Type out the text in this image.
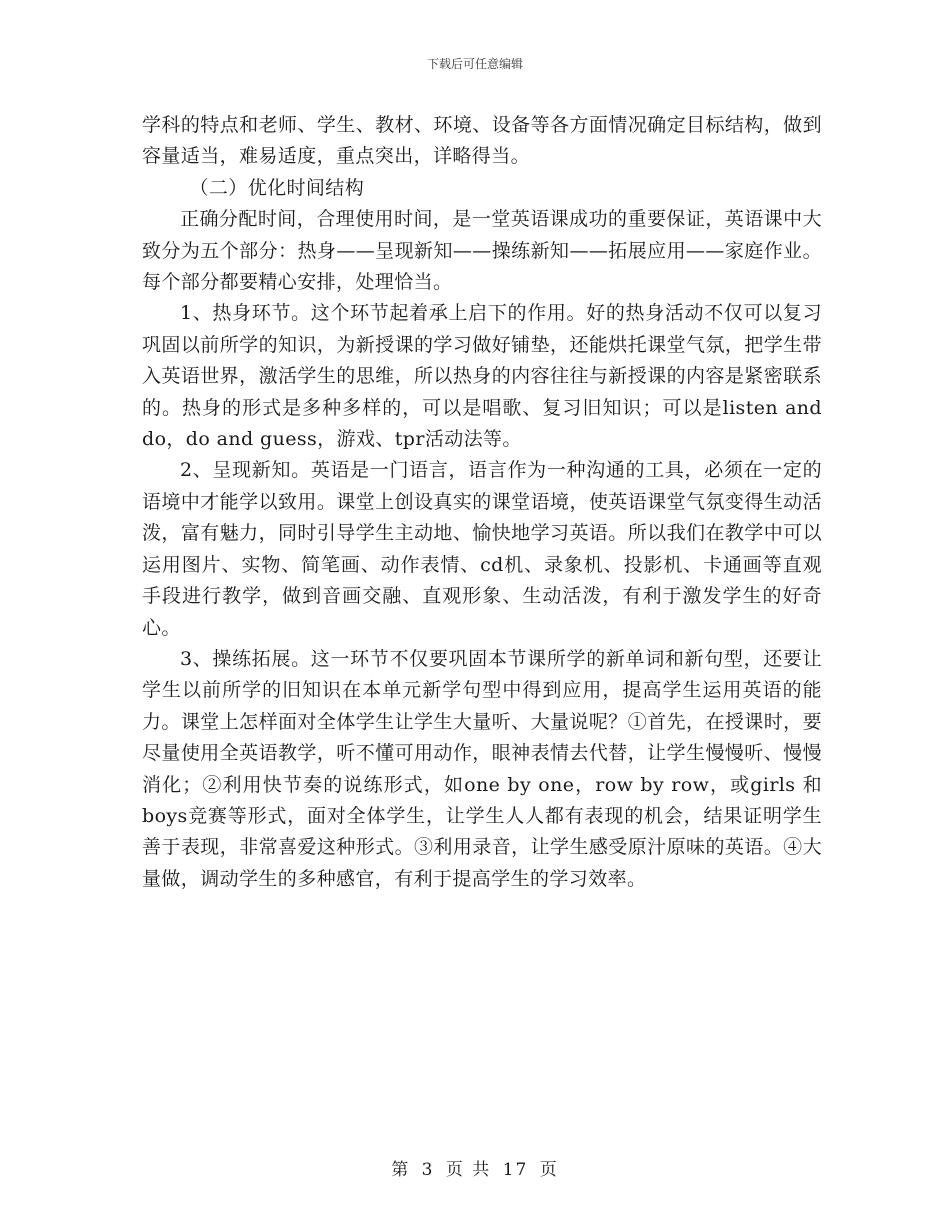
下载后可任意编辑

学科的特点和老师、学生、教材、环境、设备等各方面情况确定目标结构，做到容量适当，难易适度，重点突出，详略得当。

（二）优化时间结构

正确分配时间，合理使用时间，是一堂英语课成功的重要保证，英语课中大致分为五个部分：热身——呈现新知——操练新知——拓展应用——家庭作业。每个部分都要精心安排，处理恰当。

1、热身环节。这个环节起着承上启下的作用。好的热身活动不仅可以复习巩固以前所学的知识，为新授课的学习做好铺垫，还能烘托课堂气氛，把学生带入英语世界，激活学生的思维，所以热身的内容往往与新授课的内容是紧密联系的。热身的形式是多种多样的，可以是唱歌、复习旧知识；可以是listen and do，do and guess，游戏、tpr活动法等。

2、呈现新知。英语是一门语言，语言作为一种沟通的工具，必须在一定的语境中才能学以致用。课堂上创设真实的课堂语境，使英语课堂气氛变得生动活泼，富有魅力，同时引导学生主动地、愉快地学习英语。所以我们在教学中可以运用图片、实物、简笔画、动作表情、cd机、录象机、投影机、卡通画等直观手段进行教学，做到音画交融、直观形象、生动活泼，有利于激发学生的好奇心。

3、操练拓展。这一环节不仅要巩固本节课所学的新单词和新句型，还要让学生以前所学的旧知识在本单元新学句型中得到应用，提高学生运用英语的能力。课堂上怎样面对全体学生让学生大量听、大量说呢？①首先，在授课时，要尽量使用全英语教学，听不懂可用动作，眼神表情去代替，让学生慢慢听、慢慢消化；②利用快节奏的说练形式，如one by one，row by row，或girls 和boys竞赛等形式，面对全体学生，让学生人人都有表现的机会，结果证明学生善于表现，非常喜爱这种形式。③利用录音，让学生感受原汁原味的英语。④大量做，调动学生的多种感官，有利于提高学生的学习效率。

第 3 页 共 17 页
